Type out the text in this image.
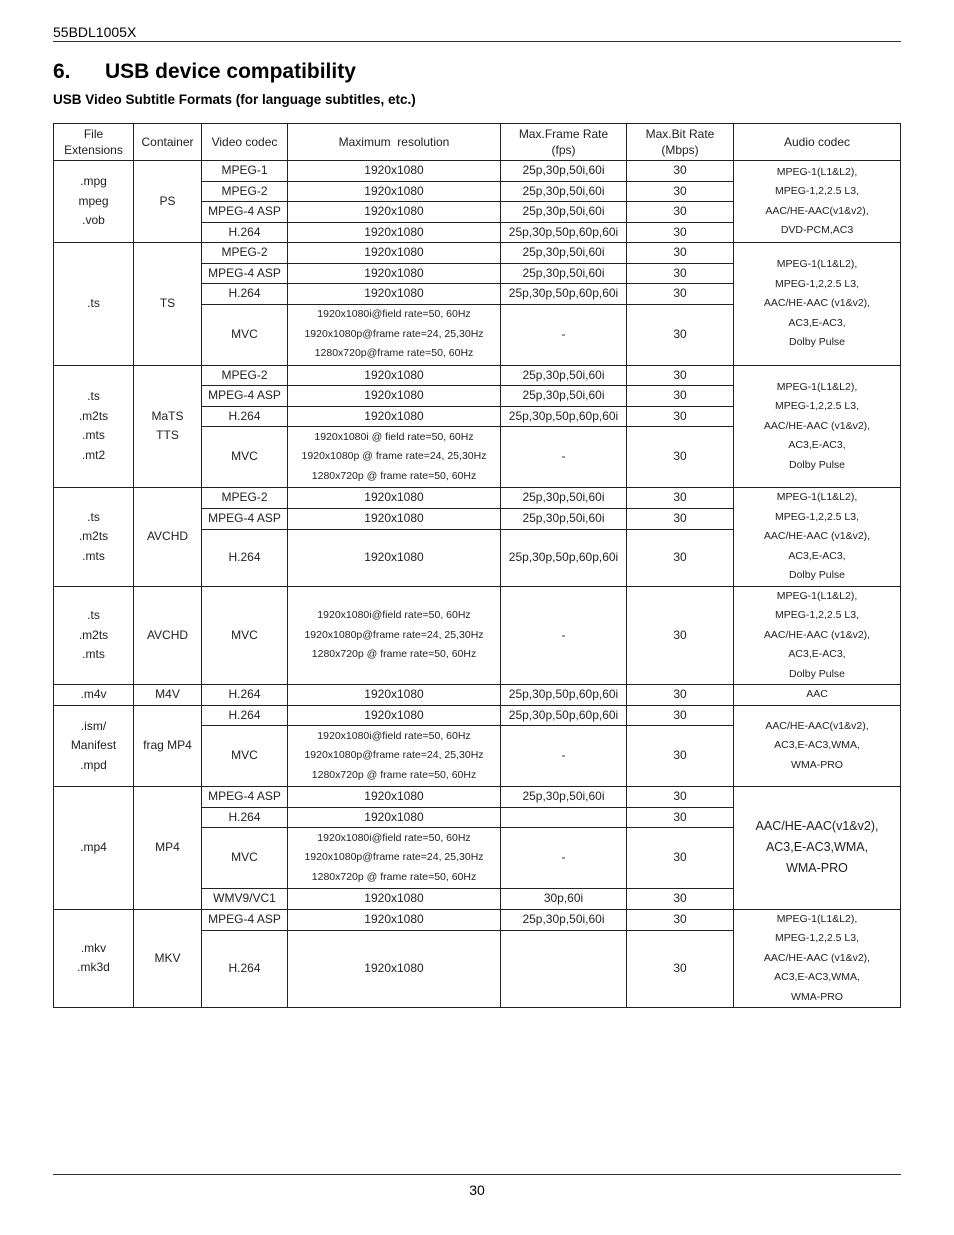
55BDL1005X
6. USB device compatibility
USB Video Subtitle Formats (for language subtitles, etc.)
File
Extensions	Container	Video codec	Maximum  resolution	Max.Frame Rate
(fps)	Max.Bit Rate
(Mbps)	Audio codec

.mpg
mpeg
.vob	PS	MPEG-1	1920x1080	25p,30p,50i,60i	30	MPEG-1(L1&L2),
MPEG-1,2,2.5 L3,
AAC/HE-AAC(v1&v2),
DVD-PCM,AC3

		MPEG-2	1920x1080	25p,30p,50i,60i	30	
		MPEG-4 ASP	1920x1080	25p,30p,50i,60i	30	
		H.264	1920x1080	25p,30p,50p,60p,60i	30	

.ts	TS	MPEG-2	1920x1080	25p,30p,50i,60i	30	MPEG-1(L1&L2),
MPEG-1,2,2.5 L3,
AAC/HE-AAC (v1&v2),
AC3,E-AC3,
Dolby Pulse

		MPEG-4 ASP	1920x1080	25p,30p,50i,60i	30	
		H.264	1920x1080	25p,30p,50p,60p,60i	30	
		MVC	1920x1080i@field rate=50, 60Hz
1920x1080p@frame rate=24, 25,30Hz
1280x720p@frame rate=50, 60Hz	-	30	

.ts
.m2ts
.mts
.mt2	MaTS
TTS	MPEG-2	1920x1080	25p,30p,50i,60i	30	MPEG-1(L1&L2),
MPEG-1,2,2.5 L3,
AAC/HE-AAC (v1&v2),
AC3,E-AC3,
Dolby Pulse

		MPEG-4 ASP	1920x1080	25p,30p,50i,60i	30	
		H.264	1920x1080	25p,30p,50p,60p,60i	30	
		MVC	1920x1080i @ field rate=50, 60Hz
1920x1080p @ frame rate=24, 25,30Hz
1280x720p @ frame rate=50, 60Hz	-	30	

.ts
.m2ts
.mts	AVCHD	MPEG-2	1920x1080	25p,30p,50i,60i	30	MPEG-1(L1&L2),
MPEG-1,2,2.5 L3,
AAC/HE-AAC (v1&v2),
AC3,E-AC3,
Dolby Pulse

		MPEG-4 ASP	1920x1080	25p,30p,50i,60i	30	
		H.264	1920x1080	25p,30p,50p,60p,60i	30	

.ts
.m2ts
.mts	AVCHD	MVC	1920x1080i@field rate=50, 60Hz
1920x1080p@frame rate=24, 25,30Hz
1280x720p @ frame rate=50, 60Hz	-	30	MPEG-1(L1&L2),
MPEG-1,2,2.5 L3,
AAC/HE-AAC (v1&v2),
AC3,E-AC3,
Dolby Pulse

.m4v	M4V	H.264	1920x1080	25p,30p,50p,60p,60i	30	AAC

.ism/
Manifest
.mpd	frag MP4	H.264	1920x1080	25p,30p,50p,60p,60i	30	AAC/HE-AAC(v1&v2),
AC3,E-AC3,WMA,
WMA-PRO

		MVC	1920x1080i@field rate=50, 60Hz
1920x1080p@frame rate=24, 25,30Hz
1280x720p @ frame rate=50, 60Hz	-	30	

.mp4	MP4	MPEG-4 ASP	1920x1080	25p,30p,50i,60i	30	AAC/HE-AAC(v1&v2),
AC3,E-AC3,WMA,
WMA-PRO

		H.264	1920x1080		30	
		MVC	1920x1080i@field rate=50, 60Hz
1920x1080p@frame rate=24, 25,30Hz
1280x720p @ frame rate=50, 60Hz	-	30	
		WMV9/VC1	1920x1080	30p,60i	30	

.mkv
.mk3d	MKV	MPEG-4 ASP	1920x1080	25p,30p,50i,60i	30	MPEG-1(L1&L2),
MPEG-1,2,2.5 L3,
AAC/HE-AAC (v1&v2),
AC3,E-AC3,WMA,
WMA-PRO

		H.264	1920x1080		30	
30
